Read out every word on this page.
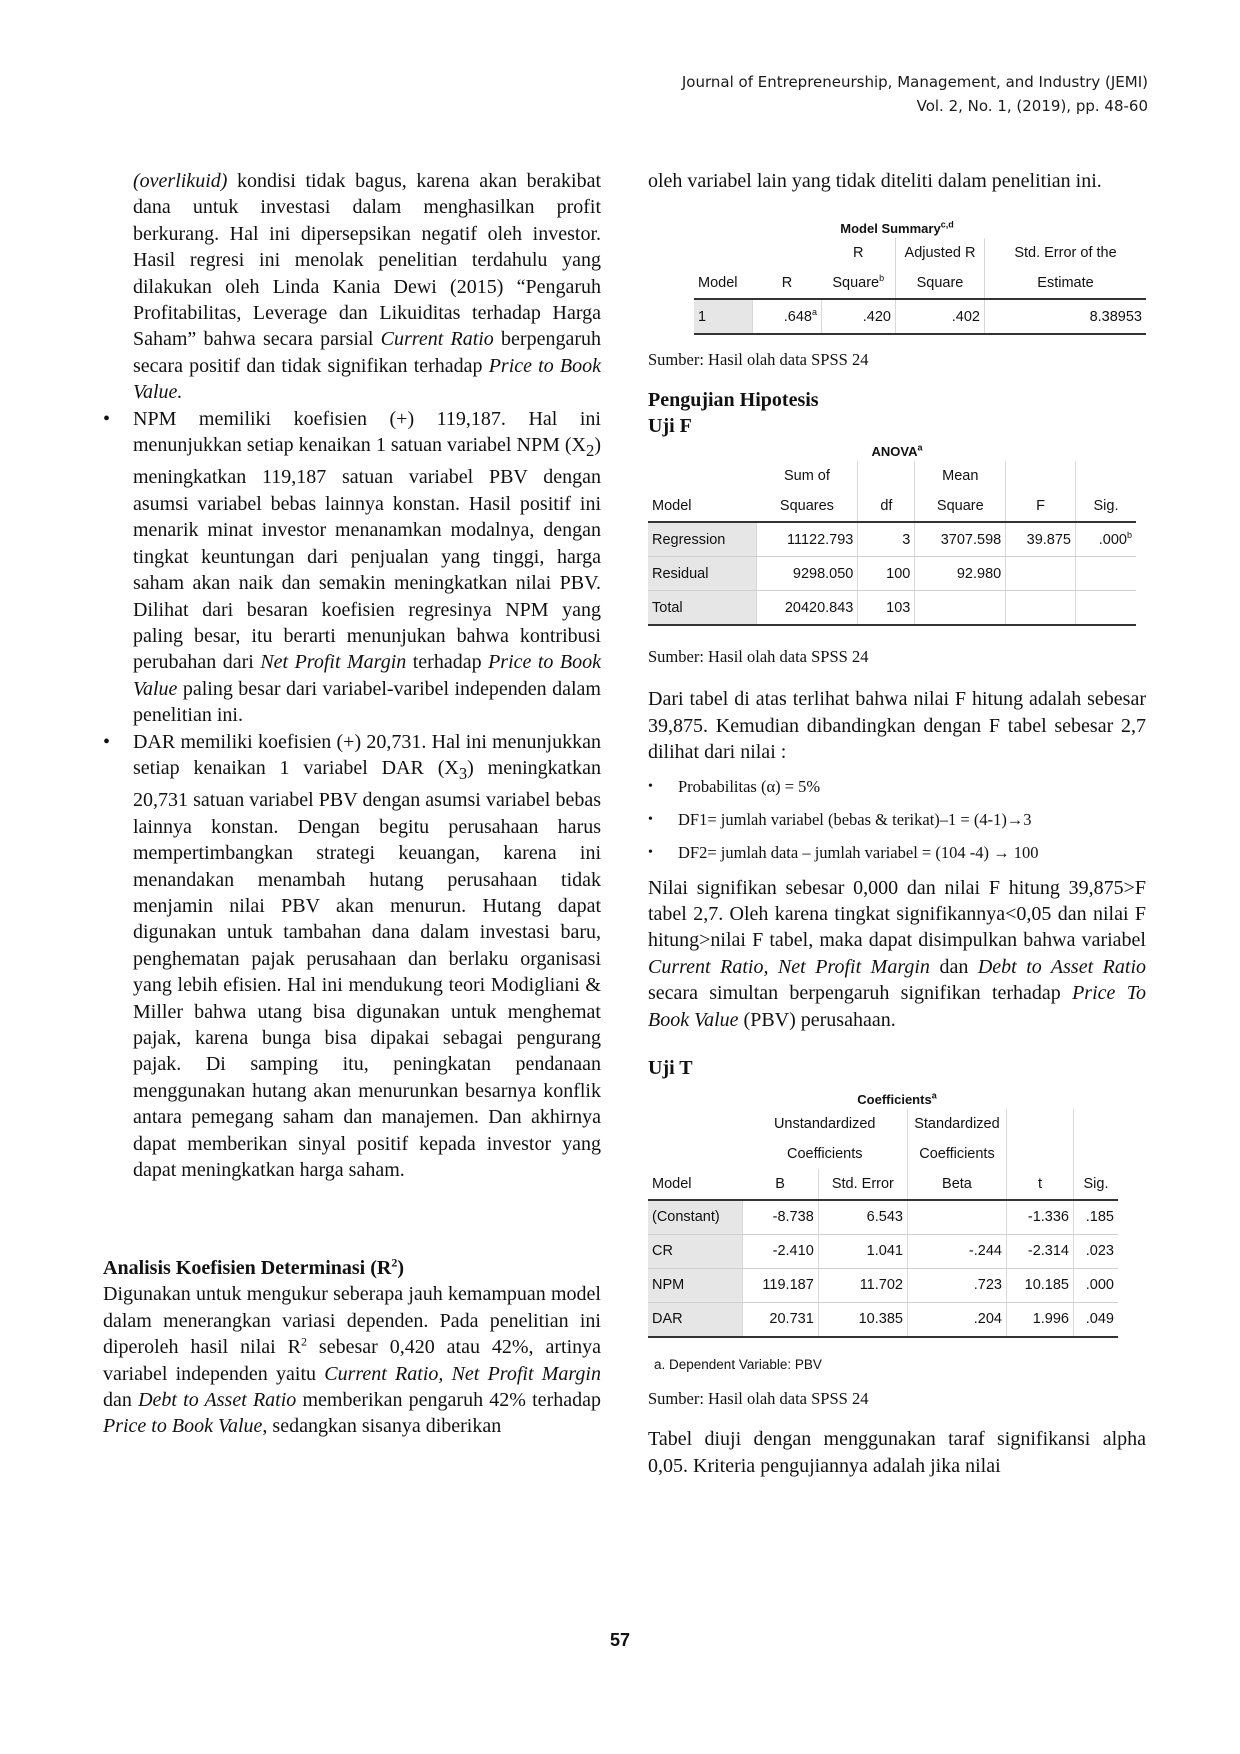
Journal of Entrepreneurship, Management, and Industry (JEMI)
Vol. 2, No. 1, (2019), pp. 48-60

(overlikuid) kondisi tidak bagus, karena akan berakibat dana untuk investasi dalam menghasilkan profit berkurang. Hal ini dipersepsikan negatif oleh investor. Hasil regresi ini menolak penelitian terdahulu yang dilakukan oleh Linda Kania Dewi (2015) “Pengaruh Profitabilitas, Leverage dan Likuiditas terhadap Harga Saham” bahwa secara parsial Current Ratio berpengaruh secara positif dan tidak signifikan terhadap Price to Book Value.

• NPM memiliki koefisien (+) 119,187. Hal ini menunjukkan setiap kenaikan 1 satuan variabel NPM $(X_2)$ meningkatkan 119,187 satuan variabel PBV dengan asumsi variabel bebas lainnya konstan. Hasil positif ini menarik minat investor menanamkan modalnya, dengan tingkat keuntungan dari penjualan yang tinggi, harga saham akan naik dan semakin meningkatkan nilai PBV. Dilihat dari besaran koefisien regresinya NPM yang paling besar, itu berarti menunjukan bahwa kontribusi perubahan dari Net Profit Margin terhadap Price to Book Value paling besar dari variabel-varibel independen dalam penelitian ini.
• DAR memiliki koefisien (+) 20,731. Hal ini menunjukkan setiap kenaikan 1 variabel DAR $(X_3)$ meningkatkan 20,731 satuan variabel PBV dengan asumsi variabel bebas lainnya konstan. Dengan begitu perusahaan harus mempertimbangkan strategi keuangan, karena ini menandakan menambah hutang perusahaan tidak menjamin nilai PBV akan menurun. Hutang dapat digunakan untuk tambahan dana dalam investasi baru, penghematan pajak perusahaan dan berlaku organisasi yang lebih efisien. Hal ini mendukung teori Modigliani & Miller bahwa utang bisa digunakan untuk menghemat pajak, karena bunga bisa dipakai sebagai pengurang pajak. Di samping itu, peningkatan pendanaan menggunakan hutang akan menurunkan besarnya konflik antara pemegang saham dan manajemen. Dan akhirnya dapat memberikan sinyal positif kepada investor yang dapat meningkatkan harga saham.
Analisis Koefisien Determinasi $(R^2)$

Digunakan untuk mengukur seberapa jauh kemampuan model dalam menerangkan variasi dependen. Pada penelitian ini diperoleh hasil nilai $R^2$ sebesar 0,420 atau 42%, artinya variabel independen yaitu Current Ratio, Net Profit Margin dan Debt to Asset Ratio memberikan pengaruh 42% terhadap Price to Book Value, sedangkan sisanya diberikan

oleh variabel lain yang tidak diteliti dalam penelitian ini.

Model Summary$^{c,d}$
		R	Adjusted R	Std. Error of the
Model	R	Square$^b$	Square	Estimate
1	.648$^a$	.420	.402	8.38953

Sumber: Hasil olah data SPSS 24

Pengujian Hipotesis
Uji F
ANOVA$^a$
	Sum of		Mean		
Model	Squares	df	Square	F	Sig.
Regression	11122.793	3	3707.598	39.875	.000$^b$
Residual	9298.050	100	92.980		
Total	20420.843	103			

Sumber: Hasil olah data SPSS 24

Dari tabel di atas terlihat bahwa nilai F hitung adalah sebesar 39,875. Kemudian dibandingkan dengan F tabel sebesar 2,7 dilihat dari nilai :

• Probabilitas (α) = 5%
• DF1= jumlah variabel (bebas & terikat)–1 = (4-1)→3
• DF2= jumlah data – jumlah variabel = (104 -4) → 100

Nilai signifikan sebesar 0,000 dan nilai F hitung 39,875>F tabel 2,7. Oleh karena tingkat signifikannya<0,05 dan nilai F hitung>nilai F tabel, maka dapat disimpulkan bahwa variabel Current Ratio, Net Profit Margin dan Debt to Asset Ratio secara simultan berpengaruh signifikan terhadap Price To Book Value (PBV) perusahaan.

Uji T
Coefficients$^a$
	Unstandardized		Standardized		
	Coefficients		Coefficients		
Model	B	Std. Error	Beta	t	Sig.
(Constant)	-8.738	6.543		-1.336	.185
CR	-2.410	1.041	-.244	-2.314	.023
NPM	119.187	11.702	.723	10.185	.000
DAR	20.731	10.385	.204	1.996	.049
a. Dependent Variable: PBV

Sumber: Hasil olah data SPSS 24

Tabel diuji dengan menggunakan taraf signifikansi alpha 0,05. Kriteria pengujiannya adalah jika nilai

57
